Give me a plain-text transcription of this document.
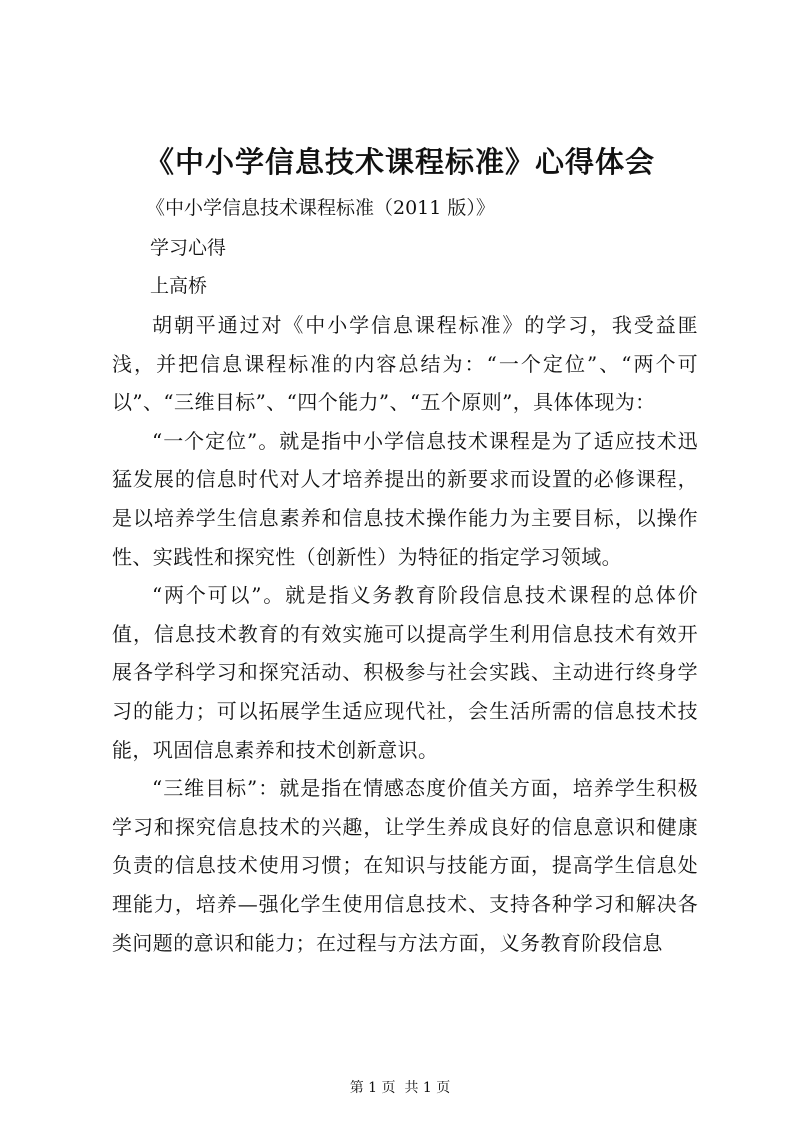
《中小学信息技术课程标准》心得体会
《中小学信息技术课程标准（2011 版）》
学习心得
上高桥

胡朝平通过对《中小学信息课程标准》的学习，我受益匪浅，并把信息课程标准的内容总结为：“一个定位”、“两个可以”、“三维目标”、“四个能力”、“五个原则”，具体体现为：

“一个定位”。就是指中小学信息技术课程是为了适应技术迅猛发展的信息时代对人才培养提出的新要求而设置的必修课程，是以培养学生信息素养和信息技术操作能力为主要目标，以操作性、实践性和探究性（创新性）为特征的指定学习领域。

“两个可以”。就是指义务教育阶段信息技术课程的总体价值，信息技术教育的有效实施可以提高学生利用信息技术有效开展各学科学习和探究活动、积极参与社会实践、主动进行终身学习的能力；可以拓展学生适应现代社，会生活所需的信息技术技能，巩固信息素养和技术创新意识。

“三维目标”：就是指在情感态度价值关方面，培养学生积极学习和探究信息技术的兴趣，让学生养成良好的信息意识和健康负责的信息技术使用习惯；在知识与技能方面，提高学生信息处理能力，培养—强化学生使用信息技术、支持各种学习和解决各类问题的意识和能力；在过程与方法方面，义务教育阶段信息

第 1 页  共 1 页
